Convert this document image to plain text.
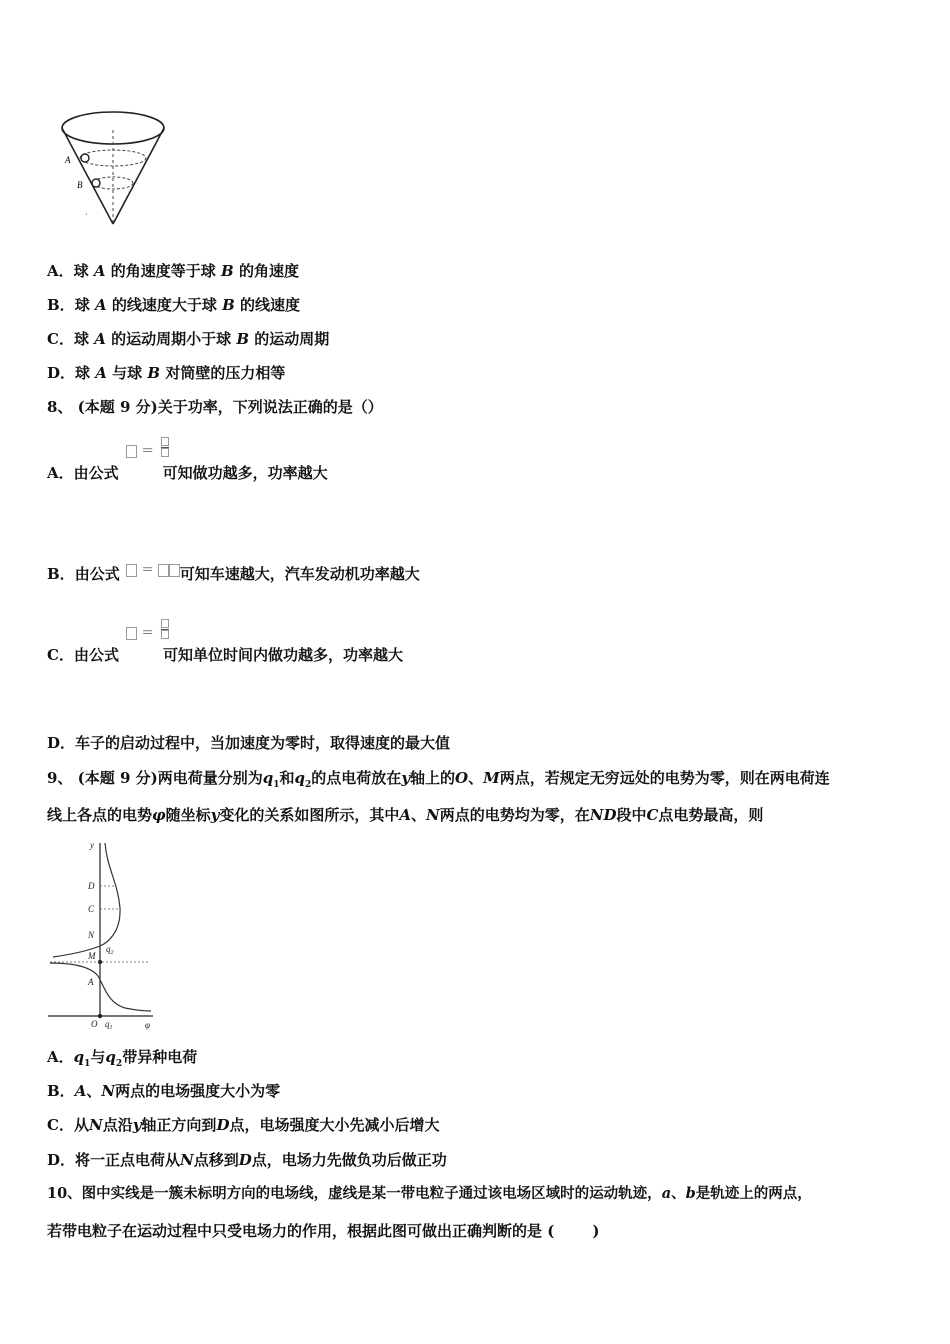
A
B
·
A．球 A 的角速度等于球 B 的角速度
B．球 A 的线速度大于球 B 的线速度
C．球 A 的运动周期小于球 B 的运动周期
D．球 A 与球 B 对筒壁的压力相等
8、 (本题 9 分)关于功率，下列说法正确的是（）
＝

A．由公式	可知做功越多，功率越大
＝
B．由公式	可知车速越大，汽车发动机功率越大
＝

C．由公式	可知单位时间内做功越多，功率越大
D．车子的启动过程中，当加速度为零时，取得速度的最大值
9、 (本题 9 分)两电荷量分别为$q_1$和$q_2$的点电荷放在y轴上的O、M两点，若规定无穷远处的电势为零，则在两电荷连
线上各点的电势φ随坐标y变化的关系如图所示，其中A、N两点的电势均为零，在ND段中C点电势最高，则
y
φ
O $q_1$
D
C
N
M
$q_2$
A
A．$q_1$与$q_2$带异种电荷
B．A、N两点的电场强度大小为零
C．从N点沿y轴正方向到D点，电场强度大小先减小后增大
D．将一正点电荷从N点移到D点，电场力先做负功后做正功
10、图中实线是一簇未标明方向的电场线，虚线是某一带电粒子通过该电场区域时的运动轨迹，a、b是轨迹上的两点，
若带电粒子在运动过程中只受电场力的作用，根据此图可做出正确判断的是 (	)
